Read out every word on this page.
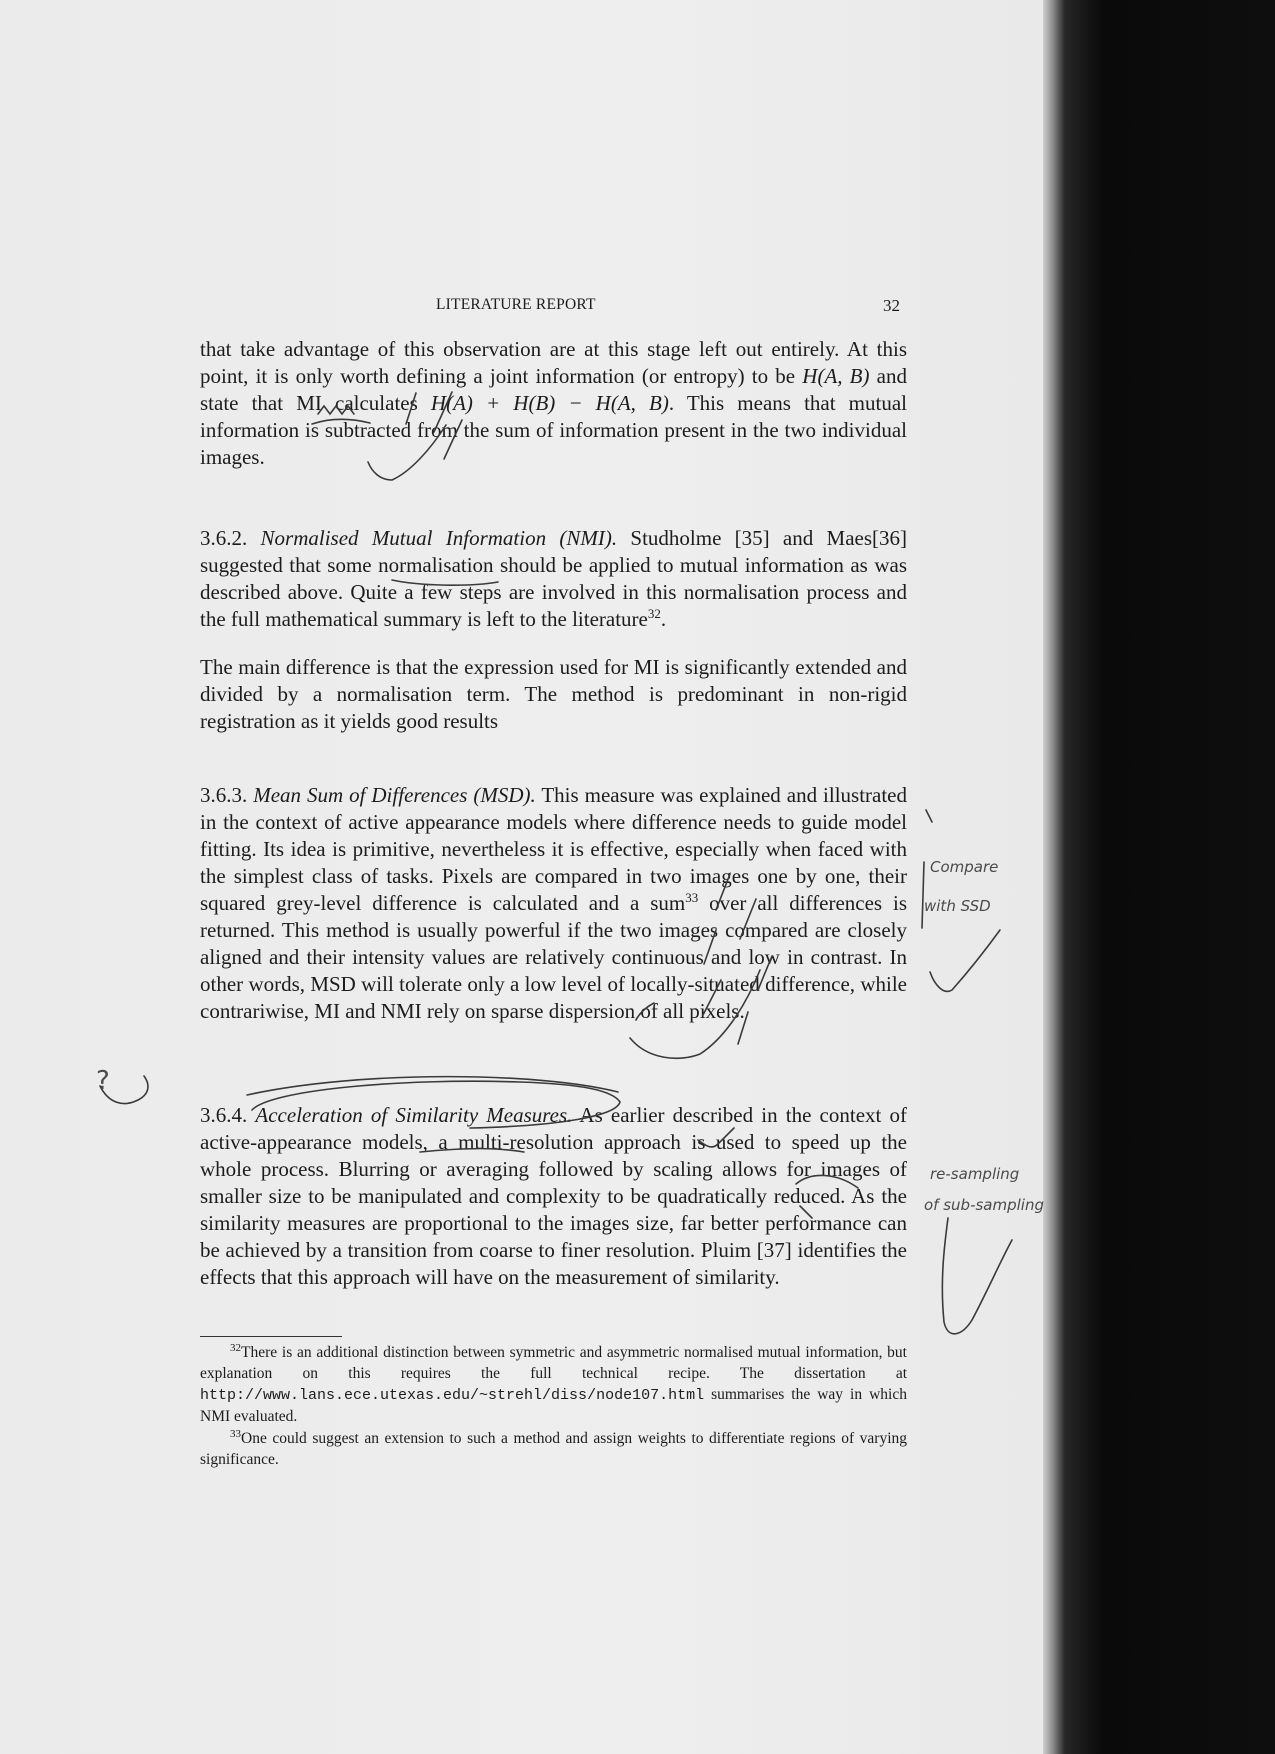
LITERATURE REPORT	32
that take advantage of this observation are at this stage left out entirely. At this point, it is only worth defining a joint information (or entropy) to be H(A, B) and state that MI calculates H(A) + H(B) − H(A, B). This means that mutual information is subtracted from the sum of information present in the two individual images.
3.6.2. Normalised Mutual Information (NMI). Studholme [35] and Maes[36] suggested that some normalisation should be applied to mutual information as was described above. Quite a few steps are involved in this normalisation process and the full mathematical summary is left to the literature$^{32}$.
The main difference is that the expression used for MI is significantly extended and divided by a normalisation term. The method is predominant in non-rigid registration as it yields good results
3.6.3. Mean Sum of Differences (MSD). This measure was explained and illustrated in the context of active appearance models where difference needs to guide model fitting. Its idea is primitive, nevertheless it is effective, especially when faced with the simplest class of tasks. Pixels are compared in two images one by one, their squared grey-level difference is calculated and a sum$^{33}$ over all differences is returned. This method is usually powerful if the two images compared are closely aligned and their intensity values are relatively continuous and low in contrast. In other words, MSD will tolerate only a low level of locally-situated difference, while contrariwise, MI and NMI rely on sparse dispersion of all pixels.
3.6.4. Acceleration of Similarity Measures. As earlier described in the context of active-appearance models, a multi-resolution approach is used to speed up the whole process. Blurring or averaging followed by scaling allows for images of smaller size to be manipulated and complexity to be quadratically reduced. As the similarity measures are proportional to the images size, far better performance can be achieved by a transition from coarse to finer resolution. Pluim [37] identifies the effects that this approach will have on the measurement of similarity.
$^{32}$There is an additional distinction between symmetric and asymmetric normalised mutual information, but explanation on this requires the full technical recipe. The dissertation at http://www.lans.ece.utexas.edu/~strehl/diss/node107.html summarises the way in which NMI evaluated.
$^{33}$One could suggest an extension to such a method and assign weights to differentiate regions of varying significance.
Compare
with SSD
re-sampling
of sub-sampling
?
